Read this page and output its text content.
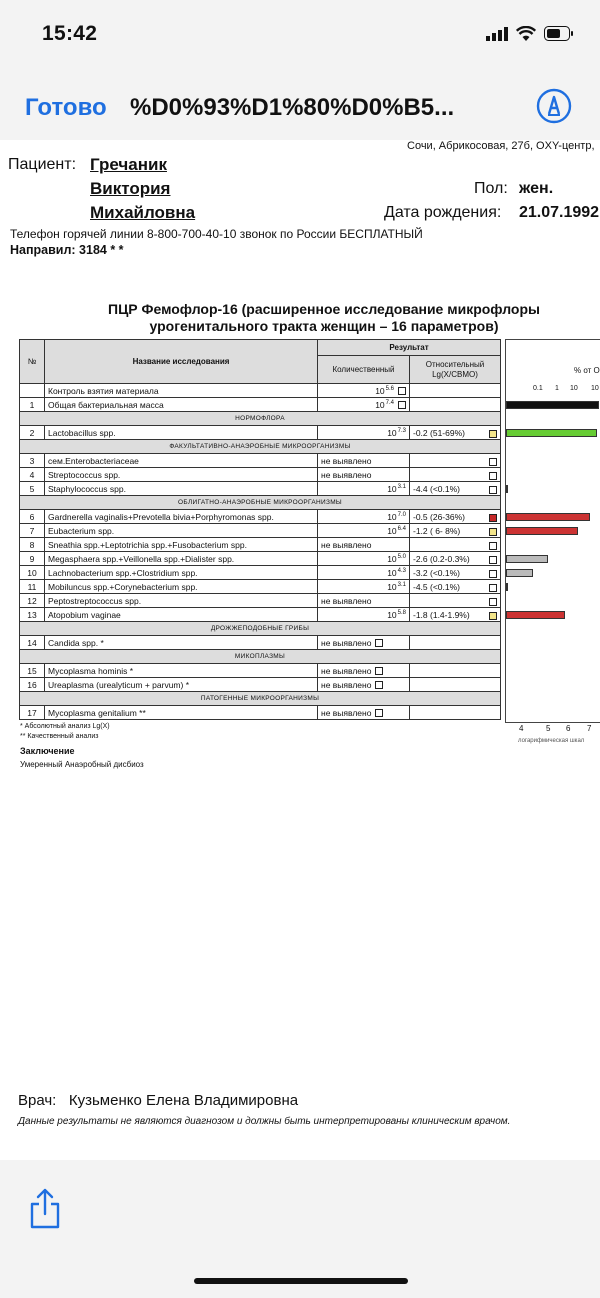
15:42
Готово %D0%93%D1%80%D0%B5...
Сочи, Абрикосовая, 27б, OXY-центр,
Пациент: Гречаник
Виктория
Михайловна
Пол: жен.
Дата рождения: 21.07.1992
Телефон горячей линии 8-800-700-40-10 звонок по России БЕСПЛАТНЫЙ
Направил: 3184 * *
ПЦР Фемофлор-16 (расширенное исследование микрофлоры
урогенитального тракта женщин – 16 параметров)
№	Название исследования	Результат	
		Количественный	Относительный Lg(X/CВМО)
	Контроль взятия материала	$10^{5.6}$	
1	Общая бактериальная масса	$10^{7.4}$	
НОРМОФЛОРА			
2	Lactobacillus spp.	$10^{7.3}$	-0.2 (51-69%)

ФАКУЛЬТАТИВНО-АНАЭРОБНЫЕ МИКРООРГАНИЗМЫ			
3	сем.Enterobacteriaceae	не выявлено	

4	Streptococcus spp.	не выявлено	

5	Staphylococcus spp.	$10^{3.1}$	-4.4 (<0.1%)

ОБЛИГАТНО-АНАЭРОБНЫЕ МИКРООРГАНИЗМЫ			
6	Gardnerella vaginalis+Prevotella bivia+Porphyromonas spp.	$10^{7.0}$	-0.5 (26-36%)

7	Eubacterium spp.	$10^{6.4}$	-1.2 ( 6- 8%)

8	Sneathia spp.+Leptotrichia spp.+Fusobacterium spp.	не выявлено	

9	Megasphaera spp.+Veillonella spp.+Dialister spp.	$10^{5.0}$	-2.6 (0.2-0.3%)

10	Lachnobacterium spp.+Clostridium spp.	$10^{4.3}$	-3.2 (<0.1%)

11	Mobiluncus spp.+Corynebacterium spp.	$10^{3.1}$	-4.5 (<0.1%)

12	Peptostreptococcus spp.	не выявлено	

13	Atopobium vaginae	$10^{5.8}$	-1.8 (1.4-1.9%)

ДРОЖЖЕПОДОБНЫЕ ГРИБЫ			
14	Candida spp. *	не выявлено	
МИКОПЛАЗМЫ			
15	Mycoplasma hominis *	не выявлено	
16	Ureaplasma (urealyticum + parvum) *	не выявлено	
ПАТОГЕННЫЕ МИКРООРГАНИЗМЫ			
17	Mycoplasma genitalium **	не выявлено	
% от О
0.1 1 10 10
4	5 6 7
логарифмическая шкал
* Абсолютный анализ Lg(X)
** Качественный анализ
Заключение
Умеренный Анаэробный дисбиоз
Врач: Кузьменко Елена Владимировна
Данные результаты не являются диагнозом и должны быть интерпретированы клиническим врачом.
